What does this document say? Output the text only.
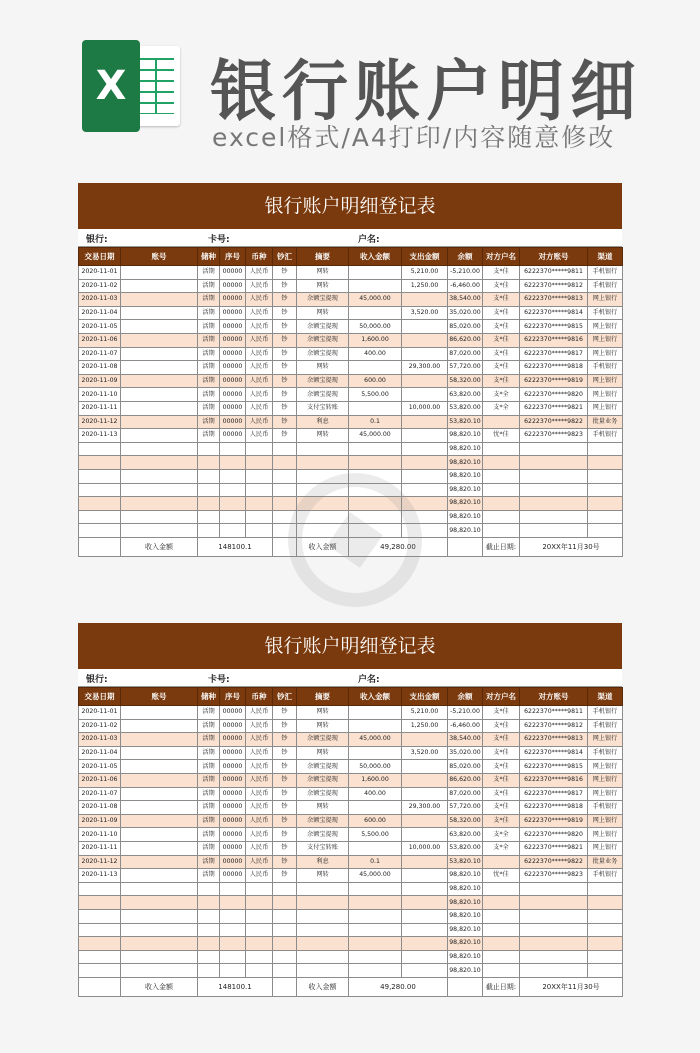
X 银行账户明细
excel格式/A4打印/内容随意修改
银行账户明细登记表
银行:	卡号:	户名:
交易日期	账号	储种	序号	币种	钞汇	摘要	收入金额	支出金额	余额	对方户名	对方账号	渠道
2020-11-01		活期	00000	人民币	钞	网转		5,210.00	-5,210.00	支*佳	6222370*****9811	手机银行
2020-11-02		活期	00000	人民币	钞	网转		1,250.00	-6,460.00	支*佳	6222370*****9812	手机银行
2020-11-03		活期	00000	人民币	钞	余额宝提现	45,000.00		38,540.00	支*佳	6222370*****9813	网上银行
2020-11-04		活期	00000	人民币	钞	网转		3,520.00	35,020.00	支*佳	6222370*****9814	手机银行
2020-11-05		活期	00000	人民币	钞	余额宝提现	50,000.00		85,020.00	支*佳	6222370*****9815	网上银行
2020-11-06		活期	00000	人民币	钞	余额宝提现	1,600.00		86,620.00	支*佳	6222370*****9816	网上银行
2020-11-07		活期	00000	人民币	钞	余额宝提现	400.00		87,020.00	支*佳	6222370*****9817	网上银行
2020-11-08		活期	00000	人民币	钞	网转		29,300.00	57,720.00	支*佳	6222370*****9818	手机银行
2020-11-09		活期	00000	人民币	钞	余额宝提现	600.00		58,320.00	支*佳	6222370*****9819	网上银行
2020-11-10		活期	00000	人民币	钞	余额宝提现	5,500.00		63,820.00	支*全	6222370*****9820	网上银行
2020-11-11		活期	00000	人民币	钞	支付宝转账		10,000.00	53,820.00	支*全	6222370*****9821	网上银行
2020-11-12		活期	00000	人民币	钞	利息	0.1		53,820.10		6222370*****9822	批量业务
2020-11-13		活期	00000	人民币	钞	网转	45,000.00		98,820.10	忧*佳	6222370*****9823	手机银行
									98,820.10			
									98,820.10			
									98,820.10			
									98,820.10			
									98,820.10			
									98,820.10			
									98,820.10			
	收入金额	148100.1				收入金额	49,280.00			截止日期:	20XX年11月30号	
银行账户明细登记表
银行:	卡号:	户名:
交易日期	账号	储种	序号	币种	钞汇	摘要	收入金额	支出金额	余额	对方户名	对方账号	渠道
2020-11-01		活期	00000	人民币	钞	网转		5,210.00	-5,210.00	支*佳	6222370*****9811	手机银行
2020-11-02		活期	00000	人民币	钞	网转		1,250.00	-6,460.00	支*佳	6222370*****9812	手机银行
2020-11-03		活期	00000	人民币	钞	余额宝提现	45,000.00		38,540.00	支*佳	6222370*****9813	网上银行
2020-11-04		活期	00000	人民币	钞	网转		3,520.00	35,020.00	支*佳	6222370*****9814	手机银行
2020-11-05		活期	00000	人民币	钞	余额宝提现	50,000.00		85,020.00	支*佳	6222370*****9815	网上银行
2020-11-06		活期	00000	人民币	钞	余额宝提现	1,600.00		86,620.00	支*佳	6222370*****9816	网上银行
2020-11-07		活期	00000	人民币	钞	余额宝提现	400.00		87,020.00	支*佳	6222370*****9817	网上银行
2020-11-08		活期	00000	人民币	钞	网转		29,300.00	57,720.00	支*佳	6222370*****9818	手机银行
2020-11-09		活期	00000	人民币	钞	余额宝提现	600.00		58,320.00	支*佳	6222370*****9819	网上银行
2020-11-10		活期	00000	人民币	钞	余额宝提现	5,500.00		63,820.00	支*全	6222370*****9820	网上银行
2020-11-11		活期	00000	人民币	钞	支付宝转账		10,000.00	53,820.00	支*全	6222370*****9821	网上银行
2020-11-12		活期	00000	人民币	钞	利息	0.1		53,820.10		6222370*****9822	批量业务
2020-11-13		活期	00000	人民币	钞	网转	45,000.00		98,820.10	忧*佳	6222370*****9823	手机银行
									98,820.10			
									98,820.10			
									98,820.10			
									98,820.10			
									98,820.10			
									98,820.10			
									98,820.10			
	收入金额	148100.1				收入金额	49,280.00			截止日期:	20XX年11月30号	
